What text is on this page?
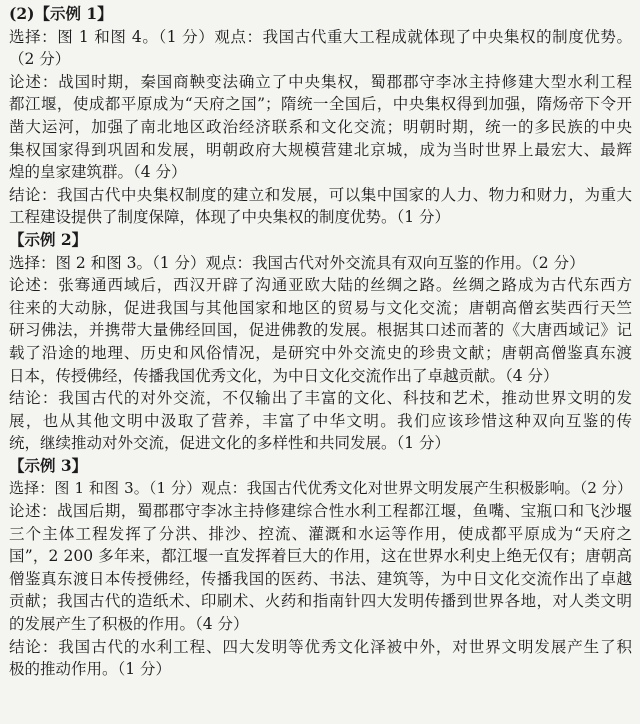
(2)【示例 1】
选择：图 1 和图 4。（1 分）观点：我国古代重大工程成就体现了中央集权的制度优势。
（2 分）
论述：战国时期，秦国商鞅变法确立了中央集权，蜀郡郡守李冰主持修建大型水利工程
都江堰，使成都平原成为“天府之国”；隋统一全国后，中央集权得到加强，隋炀帝下令开
凿大运河，加强了南北地区政治经济联系和文化交流；明朝时期，统一的多民族的中央
集权国家得到巩固和发展，明朝政府大规模营建北京城，成为当时世界上最宏大、最辉
煌的皇家建筑群。（4 分）
结论：我国古代中央集权制度的建立和发展，可以集中国家的人力、物力和财力，为重大
工程建设提供了制度保障，体现了中央集权的制度优势。（1 分）
【示例 2】
选择：图 2 和图 3。（1 分）观点：我国古代对外交流具有双向互鉴的作用。（2 分）
论述：张骞通西域后，西汉开辟了沟通亚欧大陆的丝绸之路。丝绸之路成为古代东西方
往来的大动脉，促进我国与其他国家和地区的贸易与文化交流；唐朝高僧玄奘西行天竺
研习佛法，并携带大量佛经回国，促进佛教的发展。根据其口述而著的《大唐西域记》记
载了沿途的地理、历史和风俗情况，是研究中外交流史的珍贵文献；唐朝高僧鉴真东渡
日本，传授佛经，传播我国优秀文化，为中日文化交流作出了卓越贡献。（4 分）
结论：我国古代的对外交流，不仅输出了丰富的文化、科技和艺术，推动世界文明的发
展，也从其他文明中汲取了营养，丰富了中华文明。我们应该珍惜这种双向互鉴的传
统，继续推动对外交流，促进文化的多样性和共同发展。（1 分）
【示例 3】
选择：图 1 和图 3。（1 分）观点：我国古代优秀文化对世界文明发展产生积极影响。（2 分）
论述：战国后期，蜀郡郡守李冰主持修建综合性水利工程都江堰，鱼嘴、宝瓶口和飞沙堰
三个主体工程发挥了分洪、排沙、控流、灌溉和水运等作用，使成都平原成为“天府之
国”，2 200 多年来，都江堰一直发挥着巨大的作用，这在世界水利史上绝无仅有；唐朝高
僧鉴真东渡日本传授佛经，传播我国的医药、书法、建筑等，为中日文化交流作出了卓越
贡献；我国古代的造纸术、印刷术、火药和指南针四大发明传播到世界各地，对人类文明
的发展产生了积极的作用。（4 分）
结论：我国古代的水利工程、四大发明等优秀文化泽被中外，对世界文明发展产生了积
极的推动作用。（1 分）
